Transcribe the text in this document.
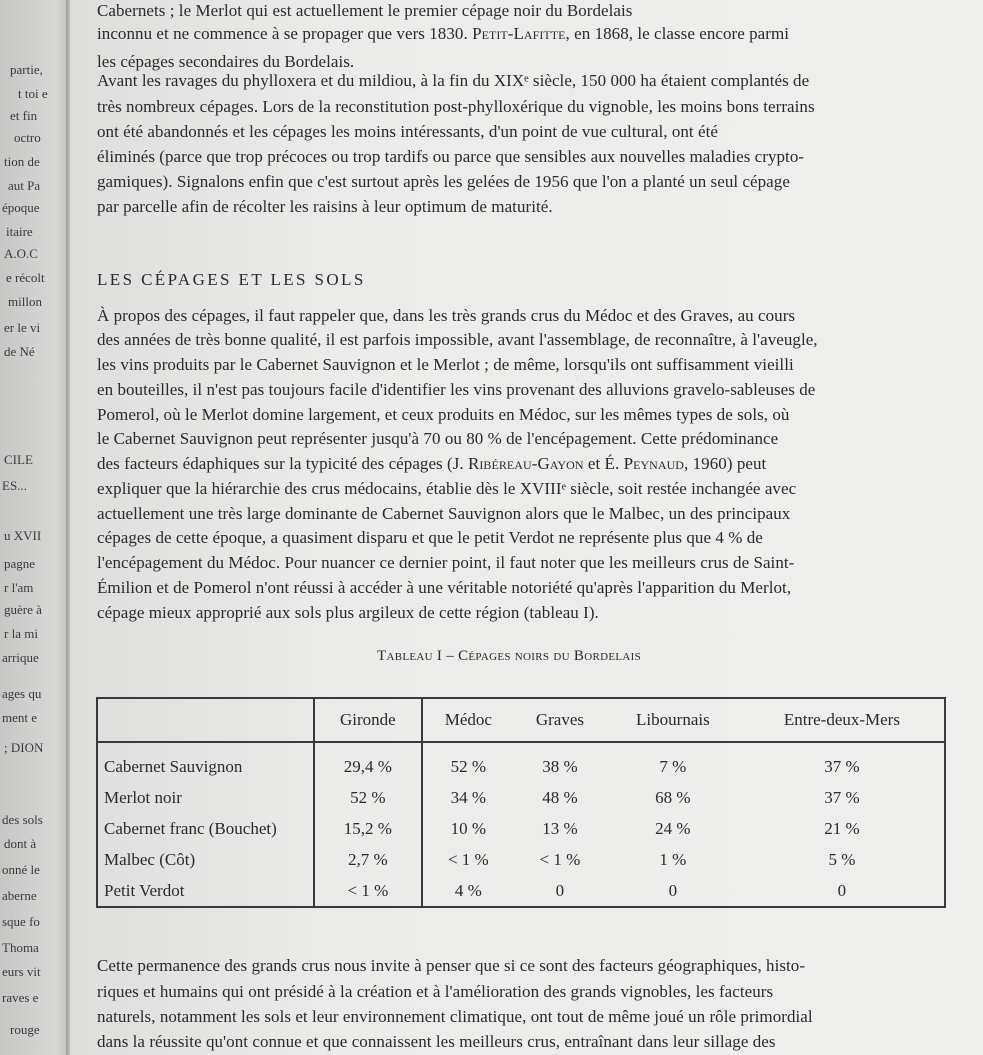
partie,
t toi e
et fin
octro
tion de
aut Pa
époque
itaire
A.O.C
e récolt
millon
er le vi
de Né
CILE
ES...
u XVII
pagne
r l'am
guère à
r la mi
arrique
ages qu
ment e
; DION
des sols
dont à
onné le
aberne
sque fo
Thoma
eurs vit
raves e
rouge
Cabernets ; le Merlot qui est actuellement le premier cépage noir du Bordelais
inconnu et ne commence à se propager que vers 1830. Petit-Lafitte, en 1868, le classe encore parmi
les cépages secondaires du Bordelais.
Avant les ravages du phylloxera et du mildiou, à la fin du XIXᵉ siècle, 150 000 ha étaient complantés de
très nombreux cépages. Lors de la reconstitution post-phylloxérique du vignoble, les moins bons terrains
ont été abandonnés et les cépages les moins intéressants, d'un point de vue cultural, ont été
éliminés (parce que trop précoces ou trop tardifs ou parce que sensibles aux nouvelles maladies crypto-
gamiques). Signalons enfin que c'est surtout après les gelées de 1956 que l'on a planté un seul cépage
par parcelle afin de récolter les raisins à leur optimum de maturité.
LES CÉPAGES ET LES SOLS
À propos des cépages, il faut rappeler que, dans les très grands crus du Médoc et des Graves, au cours
des années de très bonne qualité, il est parfois impossible, avant l'assemblage, de reconnaître, à l'aveugle,
les vins produits par le Cabernet Sauvignon et le Merlot ; de même, lorsqu'ils ont suffisamment vieilli
en bouteilles, il n'est pas toujours facile d'identifier les vins provenant des alluvions gravelo-sableuses de
Pomerol, où le Merlot domine largement, et ceux produits en Médoc, sur les mêmes types de sols, où
le Cabernet Sauvignon peut représenter jusqu'à 70 ou 80 % de l'encépagement. Cette prédominance
des facteurs édaphiques sur la typicité des cépages (J. Ribéreau-Gayon et É. Peynaud, 1960) peut
expliquer que la hiérarchie des crus médocains, établie dès le XVIIIᵉ siècle, soit restée inchangée avec
actuellement une très large dominante de Cabernet Sauvignon alors que le Malbec, un des principaux
cépages de cette époque, a quasiment disparu et que le petit Verdot ne représente plus que 4 % de
l'encépagement du Médoc. Pour nuancer ce dernier point, il faut noter que les meilleurs crus de Saint-
Émilion et de Pomerol n'ont réussi à accéder à une véritable notoriété qu'après l'apparition du Merlot,
cépage mieux approprié aux sols plus argileux de cette région (tableau I).
Tableau I – Cépages noirs du Bordelais
	Gironde	Médoc	Graves	Libournais	Entre-deux-Mers
Cabernet Sauvignon	29,4 %	52 %	38 %	7 %	37 %
Merlot noir	52 %	34 %	48 %	68 %	37 %
Cabernet franc (Bouchet)	15,2 %	10 %	13 %	24 %	21 %
Malbec (Côt)	2,7 %	< 1 %	< 1 %	1 %	5 %
Petit Verdot	< 1 %	4 %	0	0	0
Cette permanence des grands crus nous invite à penser que si ce sont des facteurs géographiques, histo-
riques et humains qui ont présidé à la création et à l'amélioration des grands vignobles, les facteurs
naturels, notamment les sols et leur environnement climatique, ont tout de même joué un rôle primordial
dans la réussite qu'ont connue et que connaissent les meilleurs crus, entraînant dans leur sillage des
